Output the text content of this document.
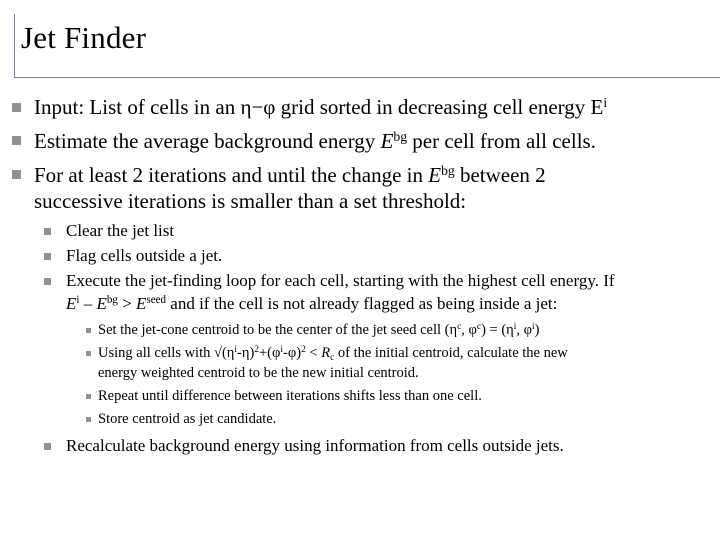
Jet Finder
Input: List of cells in an η−φ grid sorted in decreasing cell energy $E^i$
Estimate the average background energy $E^{bg}$ per cell from all cells.
For at least 2 iterations and until the change in $E^{bg}$ between 2
successive iterations is smaller than a set threshold:
Clear the jet list
Flag cells outside a jet.
Execute the jet-finding loop for each cell, starting with the highest cell energy. If
$E^i - E^{bg} > E^{seed}$ and if the cell is not already flagged as being inside a jet:
Set the jet-cone centroid to be the center of the jet seed cell ($\eta^c$, $\varphi^c) = (\eta^i$, $\varphi^i$)
Using all cells with $√(\eta^i-\eta)^2+(\varphi^i-\varphi)^2 < R_c$ of the initial centroid, calculate the new
energy weighted centroid to be the new initial centroid.
Repeat until difference between iterations shifts less than one cell.
Store centroid as jet candidate.
Recalculate background energy using information from cells outside jets.
